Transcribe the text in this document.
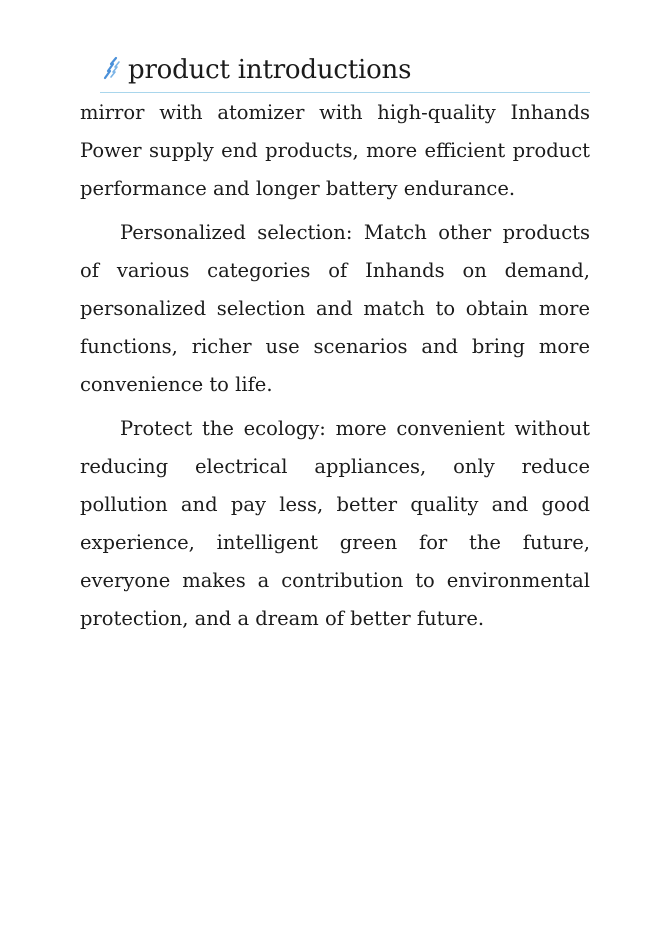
product introductions

mirror with atomizer with high-quality Inhands Power supply end products, more efficient product performance and longer battery endurance.

Personalized selection: Match other products of various categories of Inhands on demand, personalized selection and match to obtain more functions, richer use scenarios and bring more convenience to life.

Protect the ecology: more convenient without reducing electrical appliances, only reduce pollution and pay less, better quality and good experience, intelligent green for the future, everyone makes a contribution to environmental protection, and a dream of better future.
